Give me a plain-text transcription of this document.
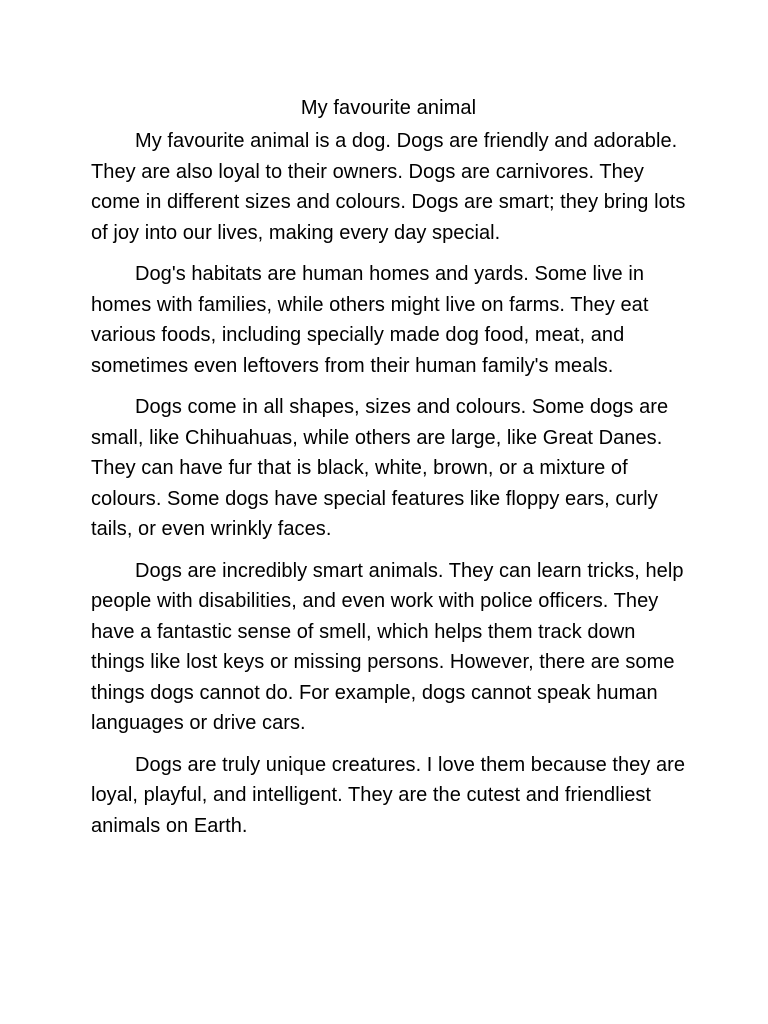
My favourite animal

My favourite animal is a dog. Dogs are friendly and adorable. They are also loyal to their owners. Dogs are carnivores. They come in different sizes and colours. Dogs are smart; they bring lots of joy into our lives, making every day special.

Dog's habitats are human homes and yards. Some live in homes with families, while others might live on farms. They eat various foods, including specially made dog food, meat, and sometimes even leftovers from their human family's meals.

Dogs come in all shapes, sizes and colours. Some dogs are small, like Chihuahuas, while others are large, like Great Danes. They can have fur that is black, white, brown, or a mixture of colours. Some dogs have special features like floppy ears, curly tails, or even wrinkly faces.

Dogs are incredibly smart animals. They can learn tricks, help people with disabilities, and even work with police officers. They have a fantastic sense of smell, which helps them track down things like lost keys or missing persons. However, there are some things dogs cannot do. For example, dogs cannot speak human languages or drive cars.

Dogs are truly unique creatures. I love them because they are loyal, playful, and intelligent. They are the cutest and friendliest animals on Earth.
